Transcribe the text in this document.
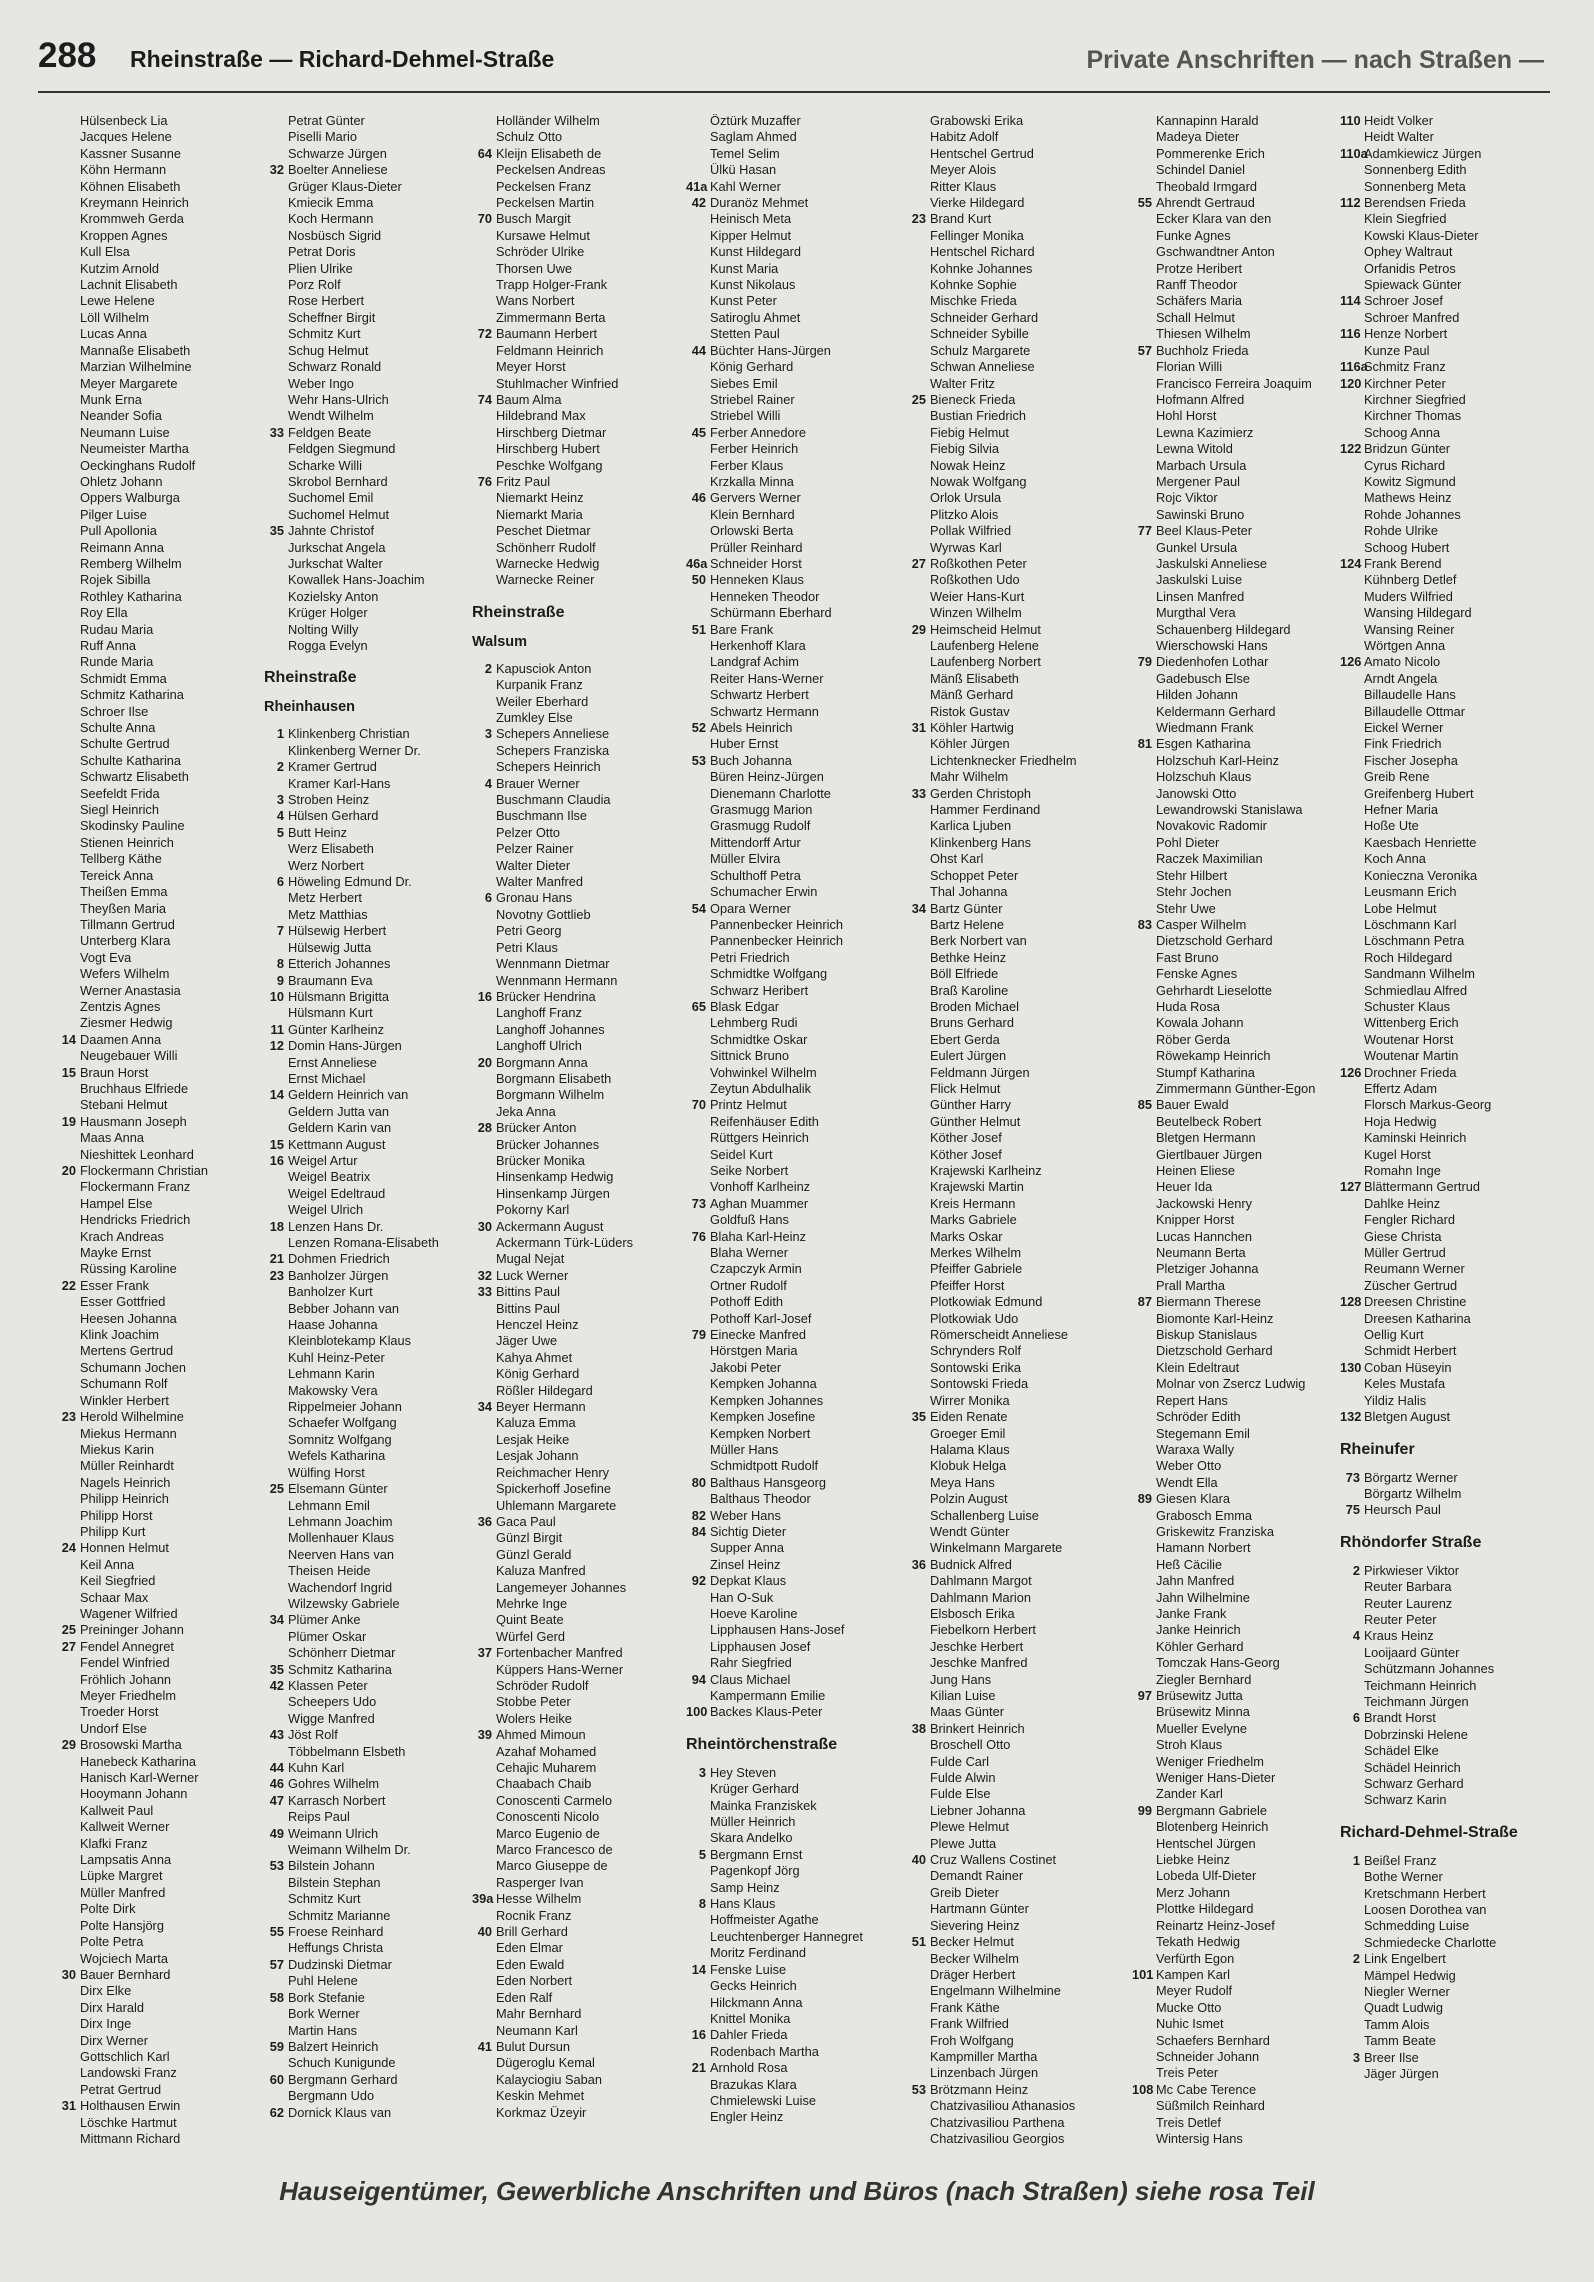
288 Rheinstraße — Richard-Dehmel-Straße	Private Anschriften — nach Straßen —
Hülsenbeck Lia
Jacques Helene
Kassner Susanne
Köhn Hermann
Köhnen Elisabeth
Kreymann Heinrich
Krommweh Gerda
Kroppen Agnes
Kull Elsa
Kutzim Arnold
Lachnit Elisabeth
Lewe Helene
Löll Wilhelm
Lucas Anna
Mannaße Elisabeth
Marzian Wilhelmine
Meyer Margarete
Munk Erna
Neander Sofia
Neumann Luise
Neumeister Martha
Oeckinghans Rudolf
Ohletz Johann
Oppers Walburga
Pilger Luise
Pull Apollonia
Reimann Anna
Remberg Wilhelm
Rojek Sibilla
Rothley Katharina
Roy Ella
Rudau Maria
Ruff Anna
Runde Maria
Schmidt Emma
Schmitz Katharina
Schroer Ilse
Schulte Anna
Schulte Gertrud
Schulte Katharina
Schwartz Elisabeth
Seefeldt Frida
Siegl Heinrich
Skodinsky Pauline
Stienen Heinrich
Tellberg Käthe
Tereick Anna
Theißen Emma
Theyßen Maria
Tillmann Gertrud
Unterberg Klara
Vogt Eva
Wefers Wilhelm
Werner Anastasia
Zentzis Agnes
Ziesmer Hedwig
14 Daamen Anna
Neugebauer Willi
15 Braun Horst
Bruchhaus Elfriede
Stebani Helmut
19 Hausmann Joseph
Maas Anna
Nieshittek Leonhard
20 Flockermann Christian
Flockermann Franz
Hampel Else
Hendricks Friedrich
Krach Andreas
Mayke Ernst
Rüssing Karoline
22 Esser Frank
Esser Gottfried
Heesen Johanna
Klink Joachim
Mertens Gertrud
Schumann Jochen
Schumann Rolf
Winkler Herbert
23 Herold Wilhelmine
Miekus Hermann
Miekus Karin
Müller Reinhardt
Nagels Heinrich
Philipp Heinrich
Philipp Horst
Philipp Kurt
24 Honnen Helmut
Keil Anna
Keil Siegfried
Schaar Max
Wagener Wilfried
25 Preininger Johann
27 Fendel Annegret
Fendel Winfried
Fröhlich Johann
Meyer Friedhelm
Troeder Horst
Undorf Else
29 Brosowski Martha
Hanebeck Katharina
Hanisch Karl-Werner
Hooymann Johann
Kallweit Paul
Kallweit Werner
Klafki Franz
Lampsatis Anna
Lüpke Margret
Müller Manfred
Polte Dirk
Polte Hansjörg
Polte Petra
Wojciech Marta
30 Bauer Bernhard
Dirx Elke
Dirx Harald
Dirx Inge
Dirx Werner
Gottschlich Karl
Landowski Franz
Petrat Gertrud
31 Holthausen Erwin
Löschke Hartmut
Mittmann Richard
Petrat Günter
Piselli Mario
Schwarze Jürgen
32 Boelter Anneliese
Grüger Klaus-Dieter
Kmiecik Emma
Koch Hermann
Nosbüsch Sigrid
Petrat Doris
Plien Ulrike
Porz Rolf
Rose Herbert
Scheffner Birgit
Schmitz Kurt
Schug Helmut
Schwarz Ronald
Weber Ingo
Wehr Hans-Ulrich
Wendt Wilhelm
33 Feldgen Beate
Feldgen Siegmund
Scharke Willi
Skrobol Bernhard
Suchomel Emil
Suchomel Helmut
35 Jahnte Christof
Jurkschat Angela
Jurkschat Walter
Kowallek Hans-Joachim
Kozielsky Anton
Krüger Holger
Nolting Willy
Rogga Evelyn
Rheinstraße
Rheinhausen
1 Klinkenberg Christian
Klinkenberg Werner Dr.
2 Kramer Gertrud
Kramer Karl-Hans
3 Stroben Heinz
4 Hülsen Gerhard
5 Butt Heinz
Werz Elisabeth
Werz Norbert
6 Höweling Edmund Dr.
Metz Herbert
Metz Matthias
7 Hülsewig Herbert
Hülsewig Jutta
8 Etterich Johannes
9 Braumann Eva
10 Hülsmann Brigitta
Hülsmann Kurt
11 Günter Karlheinz
12 Domin Hans-Jürgen
Ernst Anneliese
Ernst Michael
14 Geldern Heinrich van
Geldern Jutta van
Geldern Karin van
15 Kettmann August
16 Weigel Artur
Weigel Beatrix
Weigel Edeltraud
Weigel Ulrich
18 Lenzen Hans Dr.
Lenzen Romana-Elisabeth
21 Dohmen Friedrich
23 Banholzer Jürgen
Banholzer Kurt
Bebber Johann van
Haase Johanna
Kleinblotekamp Klaus
Kuhl Heinz-Peter
Lehmann Karin
Makowsky Vera
Rippelmeier Johann
Schaefer Wolfgang
Somnitz Wolfgang
Wefels Katharina
Wülfing Horst
25 Elsemann Günter
Lehmann Emil
Lehmann Joachim
Mollenhauer Klaus
Neerven Hans van
Theisen Heide
Wachendorf Ingrid
Wilzewsky Gabriele
34 Plümer Anke
Plümer Oskar
Schönherr Dietmar
35 Schmitz Katharina
42 Klassen Peter
Scheepers Udo
Wigge Manfred
43 Jöst Rolf
Többelmann Elsbeth
44 Kuhn Karl
46 Gohres Wilhelm
47 Karrasch Norbert
Reips Paul
49 Weimann Ulrich
Weimann Wilhelm Dr.
53 Bilstein Johann
Bilstein Stephan
Schmitz Kurt
Schmitz Marianne
55 Froese Reinhard
Heffungs Christa
57 Dudzinski Dietmar
Puhl Helene
58 Bork Stefanie
Bork Werner
Martin Hans
59 Balzert Heinrich
Schuch Kunigunde
60 Bergmann Gerhard
Bergmann Udo
62 Dornick Klaus van
Holländer Wilhelm
Schulz Otto
64 Kleijn Elisabeth de
Peckelsen Andreas
Peckelsen Franz
Peckelsen Martin
70 Busch Margit
Kursawe Helmut
Schröder Ulrike
Thorsen Uwe
Trapp Holger-Frank
Wans Norbert
Zimmermann Berta
72 Baumann Herbert
Feldmann Heinrich
Meyer Horst
Stuhlmacher Winfried
74 Baum Alma
Hildebrand Max
Hirschberg Dietmar
Hirschberg Hubert
Peschke Wolfgang
76 Fritz Paul
Niemarkt Heinz
Niemarkt Maria
Peschet Dietmar
Schönherr Rudolf
Warnecke Hedwig
Warnecke Reiner
Rheinstraße
Walsum
2 Kapusciok Anton
Kurpanik Franz
Weiler Eberhard
Zumkley Else
3 Schepers Anneliese
Schepers Franziska
Schepers Heinrich
4 Brauer Werner
Buschmann Claudia
Buschmann Ilse
Pelzer Otto
Pelzer Rainer
Walter Dieter
Walter Manfred
6 Gronau Hans
Novotny Gottlieb
Petri Georg
Petri Klaus
Wennmann Dietmar
Wennmann Hermann
16 Brücker Hendrina
Langhoff Franz
Langhoff Johannes
Langhoff Ulrich
20 Borgmann Anna
Borgmann Elisabeth
Borgmann Wilhelm
Jeka Anna
28 Brücker Anton
Brücker Johannes
Brücker Monika
Hinsenkamp Hedwig
Hinsenkamp Jürgen
Pokorny Karl
30 Ackermann August
Ackermann Türk-Lüders
Mugal Nejat
32 Luck Werner
33 Bittins Paul
Bittins Paul
Henczel Heinz
Jäger Uwe
Kahya Ahmet
König Gerhard
Rößler Hildegard
34 Beyer Hermann
Kaluza Emma
Lesjak Heike
Lesjak Johann
Reichmacher Henry
Spickerhoff Josefine
Uhlemann Margarete
36 Gaca Paul
Günzl Birgit
Günzl Gerald
Kaluza Manfred
Langemeyer Johannes
Mehrke Inge
Quint Beate
Würfel Gerd
37 Fortenbacher Manfred
Küppers Hans-Werner
Schröder Rudolf
Stobbe Peter
Wolers Heike
39 Ahmed Mimoun
Azahaf Mohamed
Cehajic Muharem
Chaabach Chaib
Conoscenti Carmelo
Conoscenti Nicolo
Marco Eugenio de
Marco Francesco de
Marco Giuseppe de
Rasperger Ivan
39a Hesse Wilhelm
Rocnik Franz
40 Brill Gerhard
Eden Elmar
Eden Ewald
Eden Norbert
Eden Ralf
Mahr Bernhard
Neumann Karl
41 Bulut Dursun
Dügeroglu Kemal
Kalayciogiu Saban
Keskin Mehmet
Korkmaz Üzeyir
Öztürk Muzaffer
Saglam Ahmed
Temel Selim
Ülkü Hasan
41a Kahl Werner
42 Duranöz Mehmet
Heinisch Meta
Kipper Helmut
Kunst Hildegard
Kunst Maria
Kunst Nikolaus
Kunst Peter
Satiroglu Ahmet
Stetten Paul
44 Büchter Hans-Jürgen
König Gerhard
Siebes Emil
Striebel Rainer
Striebel Willi
45 Ferber Annedore
Ferber Heinrich
Ferber Klaus
Krzkalla Minna
46 Gervers Werner
Klein Bernhard
Orlowski Berta
Prüller Reinhard
46a Schneider Horst
50 Henneken Klaus
Henneken Theodor
Schürmann Eberhard
51 Bare Frank
Herkenhoff Klara
Landgraf Achim
Reiter Hans-Werner
Schwartz Herbert
Schwartz Hermann
52 Abels Heinrich
Huber Ernst
53 Buch Johanna
Büren Heinz-Jürgen
Dienemann Charlotte
Grasmugg Marion
Grasmugg Rudolf
Mittendorff Artur
Müller Elvira
Schulthoff Petra
Schumacher Erwin
54 Opara Werner
Pannenbecker Heinrich
Pannenbecker Heinrich
Petri Friedrich
Schmidtke Wolfgang
Schwarz Heribert
65 Blask Edgar
Lehmberg Rudi
Schmidtke Oskar
Sittnick Bruno
Vohwinkel Wilhelm
Zeytun Abdulhalik
70 Printz Helmut
Reifenhäuser Edith
Rüttgers Heinrich
Seidel Kurt
Seike Norbert
Vonhoff Karlheinz
73 Aghan Muammer
Goldfuß Hans
76 Blaha Karl-Heinz
Blaha Werner
Czapczyk Armin
Ortner Rudolf
Pothoff Edith
Pothoff Karl-Josef
79 Einecke Manfred
Hörstgen Maria
Jakobi Peter
Kempken Johanna
Kempken Johannes
Kempken Josefine
Kempken Norbert
Müller Hans
Schmidtpott Rudolf
80 Balthaus Hansgeorg
Balthaus Theodor
82 Weber Hans
84 Sichtig Dieter
Supper Anna
Zinsel Heinz
92 Depkat Klaus
Han O-Suk
Hoeve Karoline
Lipphausen Hans-Josef
Lipphausen Josef
Rahr Siegfried
94 Claus Michael
Kampermann Emilie
100 Backes Klaus-Peter
Rheintörchenstraße
3 Hey Steven
Krüger Gerhard
Mainka Franziskek
Müller Heinrich
Skara Andelko
5 Bergmann Ernst
Pagenkopf Jörg
Samp Heinz
8 Hans Klaus
Hoffmeister Agathe
Leuchtenberger Hannegret
Moritz Ferdinand
14 Fenske Luise
Gecks Heinrich
Hilckmann Anna
Knittel Monika
16 Dahler Frieda
Rodenbach Martha
21 Arnhold Rosa
Brazukas Klara
Chmielewski Luise
Engler Heinz
Grabowski Erika
Habitz Adolf
Hentschel Gertrud
Meyer Alois
Ritter Klaus
Vierke Hildegard
23 Brand Kurt
Fellinger Monika
Hentschel Richard
Kohnke Johannes
Kohnke Sophie
Mischke Frieda
Schneider Gerhard
Schneider Sybille
Schulz Margarete
Schwan Anneliese
Walter Fritz
25 Bieneck Frieda
Bustian Friedrich
Fiebig Helmut
Fiebig Silvia
Nowak Heinz
Nowak Wolfgang
Orlok Ursula
Plitzko Alois
Pollak Wilfried
Wyrwas Karl
27 Roßkothen Peter
Roßkothen Udo
Weier Hans-Kurt
Winzen Wilhelm
29 Heimscheid Helmut
Laufenberg Helene
Laufenberg Norbert
Mänß Elisabeth
Mänß Gerhard
Ristok Gustav
31 Köhler Hartwig
Köhler Jürgen
Lichtenknecker Friedhelm
Mahr Wilhelm
33 Gerden Christoph
Hammer Ferdinand
Karlica Ljuben
Klinkenberg Hans
Ohst Karl
Schoppet Peter
Thal Johanna
34 Bartz Günter
Bartz Helene
Berk Norbert van
Bethke Heinz
Böll Elfriede
Braß Karoline
Broden Michael
Bruns Gerhard
Ebert Gerda
Eulert Jürgen
Feldmann Jürgen
Flick Helmut
Günther Harry
Günther Helmut
Köther Josef
Köther Josef
Krajewski Karlheinz
Krajewski Martin
Kreis Hermann
Marks Gabriele
Marks Oskar
Merkes Wilhelm
Pfeiffer Gabriele
Pfeiffer Horst
Plotkowiak Edmund
Plotkowiak Udo
Römerscheidt Anneliese
Schrynders Rolf
Sontowski Erika
Sontowski Frieda
Wirrer Monika
35 Eiden Renate
Groeger Emil
Halama Klaus
Klobuk Helga
Meya Hans
Polzin August
Schallenberg Luise
Wendt Günter
Winkelmann Margarete
36 Budnick Alfred
Dahlmann Margot
Dahlmann Marion
Elsbosch Erika
Fiebelkorn Herbert
Jeschke Herbert
Jeschke Manfred
Jung Hans
Kilian Luise
Maas Günter
38 Brinkert Heinrich
Broschell Otto
Fulde Carl
Fulde Alwin
Fulde Else
Liebner Johanna
Plewe Helmut
Plewe Jutta
40 Cruz Wallens Costinet
Demandt Rainer
Greib Dieter
Hartmann Günter
Sievering Heinz
51 Becker Helmut
Becker Wilhelm
Dräger Herbert
Engelmann Wilhelmine
Frank Käthe
Frank Wilfried
Froh Wolfgang
Kampmiller Martha
Linzenbach Jürgen
53 Brötzmann Heinz
Chatzivasiliou Athanasios
Chatzivasiliou Parthena
Chatzivasiliou Georgios
Kannapinn Harald
Madeya Dieter
Pommerenke Erich
Schindel Daniel
Theobald Irmgard
55 Ahrendt Gertraud
Ecker Klara van den
Funke Agnes
Gschwandtner Anton
Protze Heribert
Ranff Theodor
Schäfers Maria
Schall Helmut
Thiesen Wilhelm
57 Buchholz Frieda
Florian Willi
Francisco Ferreira Joaquim
Hofmann Alfred
Hohl Horst
Lewna Kazimierz
Lewna Witold
Marbach Ursula
Mergener Paul
Rojc Viktor
Sawinski Bruno
77 Beel Klaus-Peter
Gunkel Ursula
Jaskulski Anneliese
Jaskulski Luise
Linsen Manfred
Murgthal Vera
Schauenberg Hildegard
Wierschowski Hans
79 Diedenhofen Lothar
Gadebusch Else
Hilden Johann
Keldermann Gerhard
Wiedmann Frank
81 Esgen Katharina
Holzschuh Karl-Heinz
Holzschuh Klaus
Janowski Otto
Lewandrowski Stanislawa
Novakovic Radomir
Pohl Dieter
Raczek Maximilian
Stehr Hilbert
Stehr Jochen
Stehr Uwe
83 Casper Wilhelm
Dietzschold Gerhard
Fast Bruno
Fenske Agnes
Gehrhardt Lieselotte
Huda Rosa
Kowala Johann
Röber Gerda
Röwekamp Heinrich
Stumpf Katharina
Zimmermann Günther-Egon
85 Bauer Ewald
Beutelbeck Robert
Bletgen Hermann
Giertlbauer Jürgen
Heinen Eliese
Heuer Ida
Jackowski Henry
Knipper Horst
Lucas Hannchen
Neumann Berta
Pletziger Johanna
Prall Martha
87 Biermann Therese
Biomonte Karl-Heinz
Biskup Stanislaus
Dietzschold Gerhard
Klein Edeltraut
Molnar von Zsercz Ludwig
Repert Hans
Schröder Edith
Stegemann Emil
Waraxa Wally
Weber Otto
Wendt Ella
89 Giesen Klara
Grabosch Emma
Griskewitz Franziska
Hamann Norbert
Heß Cäcilie
Jahn Manfred
Jahn Wilhelmine
Janke Frank
Janke Heinrich
Köhler Gerhard
Tomczak Hans-Georg
Ziegler Bernhard
97 Brüsewitz Jutta
Brüsewitz Minna
Mueller Evelyne
Stroh Klaus
Weniger Friedhelm
Weniger Hans-Dieter
Zander Karl
99 Bergmann Gabriele
Blotenberg Heinrich
Hentschel Jürgen
Liebke Heinz
Lobeda Ulf-Dieter
Merz Johann
Plottke Hildegard
Reinartz Heinz-Josef
Tekath Hedwig
Verfürth Egon
101 Kampen Karl
Meyer Rudolf
Mucke Otto
Nuhic Ismet
Schaefers Bernhard
Schneider Johann
Treis Peter
108 Mc Cabe Terence
Süßmilch Reinhard
Treis Detlef
Wintersig Hans
110 Heidt Volker
Heidt Walter
110aAdamkiewicz Jürgen
Sonnenberg Edith
Sonnenberg Meta
112 Berendsen Frieda
Klein Siegfried
Kowski Klaus-Dieter
Ophey Waltraut
Orfanidis Petros
Spiewack Günter
114 Schroer Josef
Schroer Manfred
116 Henze Norbert
Kunze Paul
116aSchmitz Franz
120 Kirchner Peter
Kirchner Siegfried
Kirchner Thomas
Schoog Anna
122 Bridzun Günter
Cyrus Richard
Kowitz Sigmund
Mathews Heinz
Rohde Johannes
Rohde Ulrike
Schoog Hubert
124 Frank Berend
Kühnberg Detlef
Muders Wilfried
Wansing Hildegard
Wansing Reiner
Wörtgen Anna
126 Amato Nicolo
Arndt Angela
Billaudelle Hans
Billaudelle Ottmar
Eickel Werner
Fink Friedrich
Fischer Josepha
Greib Rene
Greifenberg Hubert
Hefner Maria
Hoße Ute
Kaesbach Henriette
Koch Anna
Konieczna Veronika
Leusmann Erich
Lobe Helmut
Löschmann Karl
Löschmann Petra
Roch Hildegard
Sandmann Wilhelm
Schmiedlau Alfred
Schuster Klaus
Wittenberg Erich
Woutenar Horst
Woutenar Martin
126 Drochner Frieda
Effertz Adam
Florsch Markus-Georg
Hoja Hedwig
Kaminski Heinrich
Kugel Horst
Romahn Inge
127 Blättermann Gertrud
Dahlke Heinz
Fengler Richard
Giese Christa
Müller Gertrud
Reumann Werner
Züscher Gertrud
128 Dreesen Christine
Dreesen Katharina
Oellig Kurt
Schmidt Herbert
130 Coban Hüseyin
Keles Mustafa
Yildiz Halis
132 Bletgen August
Rheinufer
73 Börgartz Werner
Börgartz Wilhelm
75 Heursch Paul
Rhöndorfer Straße
2 Pirkwieser Viktor
Reuter Barbara
Reuter Laurenz
Reuter Peter
4 Kraus Heinz
Looijaard Günter
Schützmann Johannes
Teichmann Heinrich
Teichmann Jürgen
6 Brandt Horst
Dobrzinski Helene
Schädel Elke
Schädel Heinrich
Schwarz Gerhard
Schwarz Karin
Richard-Dehmel-Straße
1 Beißel Franz
Bothe Werner
Kretschmann Herbert
Loosen Dorothea van
Schmedding Luise
Schmiedecke Charlotte
2 Link Engelbert
Mämpel Hedwig
Niegler Werner
Quadt Ludwig
Tamm Alois
Tamm Beate
3 Breer Ilse
Jäger Jürgen
Hauseigentümer, Gewerbliche Anschriften und Büros (nach Straßen) siehe rosa Teil
